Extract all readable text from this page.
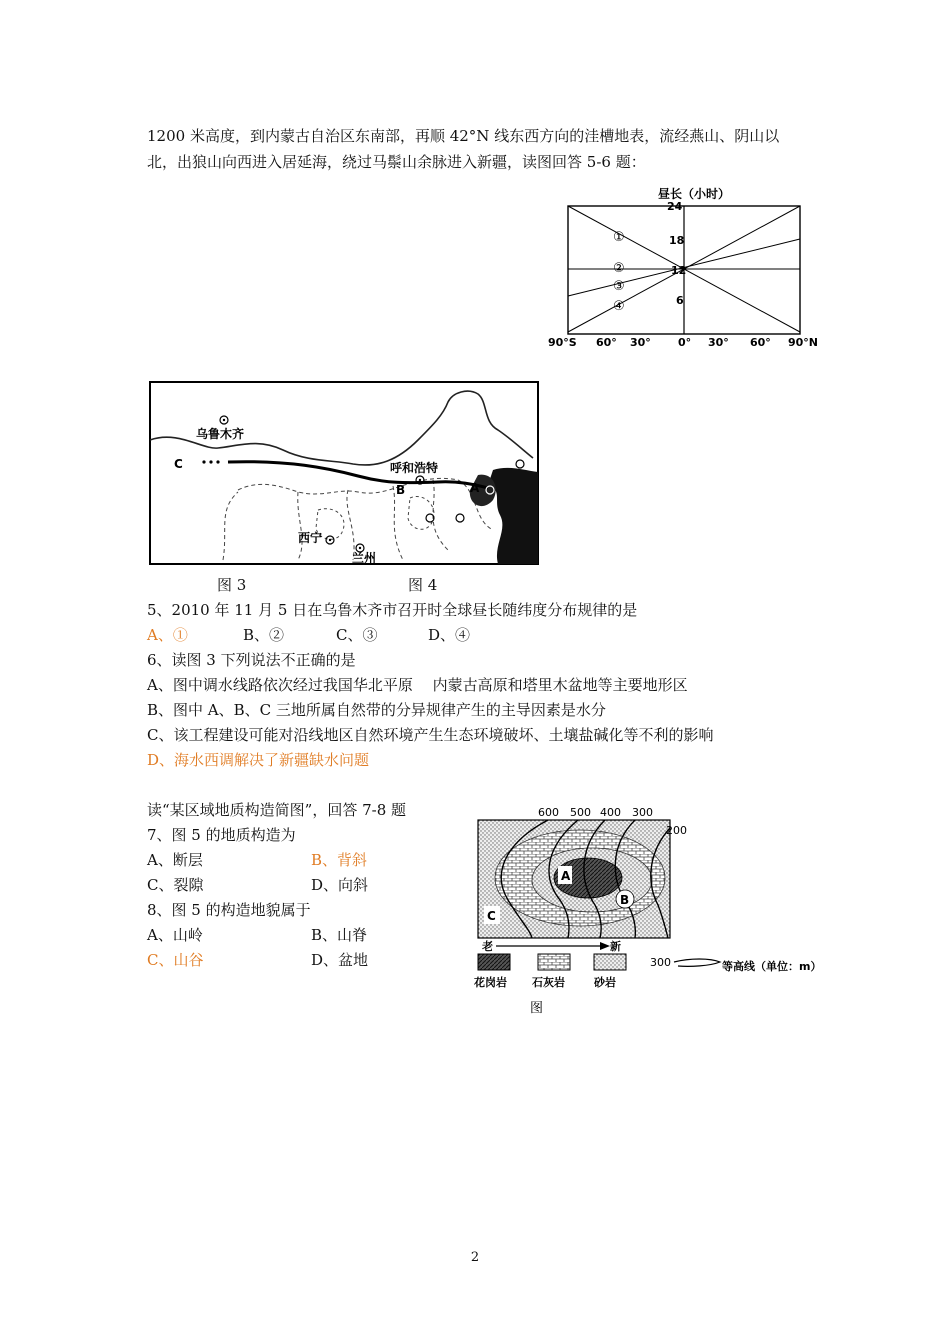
1200 米高度，到内蒙古自治区东南部，再顺 42°N 线东西方向的洼槽地表，流经燕山、阴山以
北，出狼山向西进入居延海，绕过马鬃山余脉进入新疆，读图回答 5-6 题：
昼长（小时）
24
18
12
6
①
②
③
④
90°S 60° 30° 0° 30° 60° 90°N
乌鲁木齐
C	呼和浩特
B	A
西宁
兰州
图 3	图 4
5、2010 年 11 月 5 日在乌鲁木齐市召开时全球昼长随纬度分布规律的是
A、①	B、②	C、③	D、④
6、读图 3 下列说法不正确的是
A、图中调水线路依次经过我国华北平原　 内蒙古高原和塔里木盆地等主要地形区
B、图中 A、B、C 三地所属自然带的分异规律产生的主导因素是水分
C、该工程建设可能对沿线地区自然环境产生生态环境破坏、土壤盐碱化等不利的影响
D、海水西调解决了新疆缺水问题
读“某区域地质构造简图”，回答 7-8 题
7、图 5 的地质构造为
A、断层	B、背斜
C、裂隙	D、向斜
8、图 5 的构造地貌属于
A、山岭	B、山脊
C、山谷	D、盆地
600 500 400 300
200
A
B
C
老	新
花岗岩 石灰岩	砂岩
300	等高线（单位：m）
图
2
